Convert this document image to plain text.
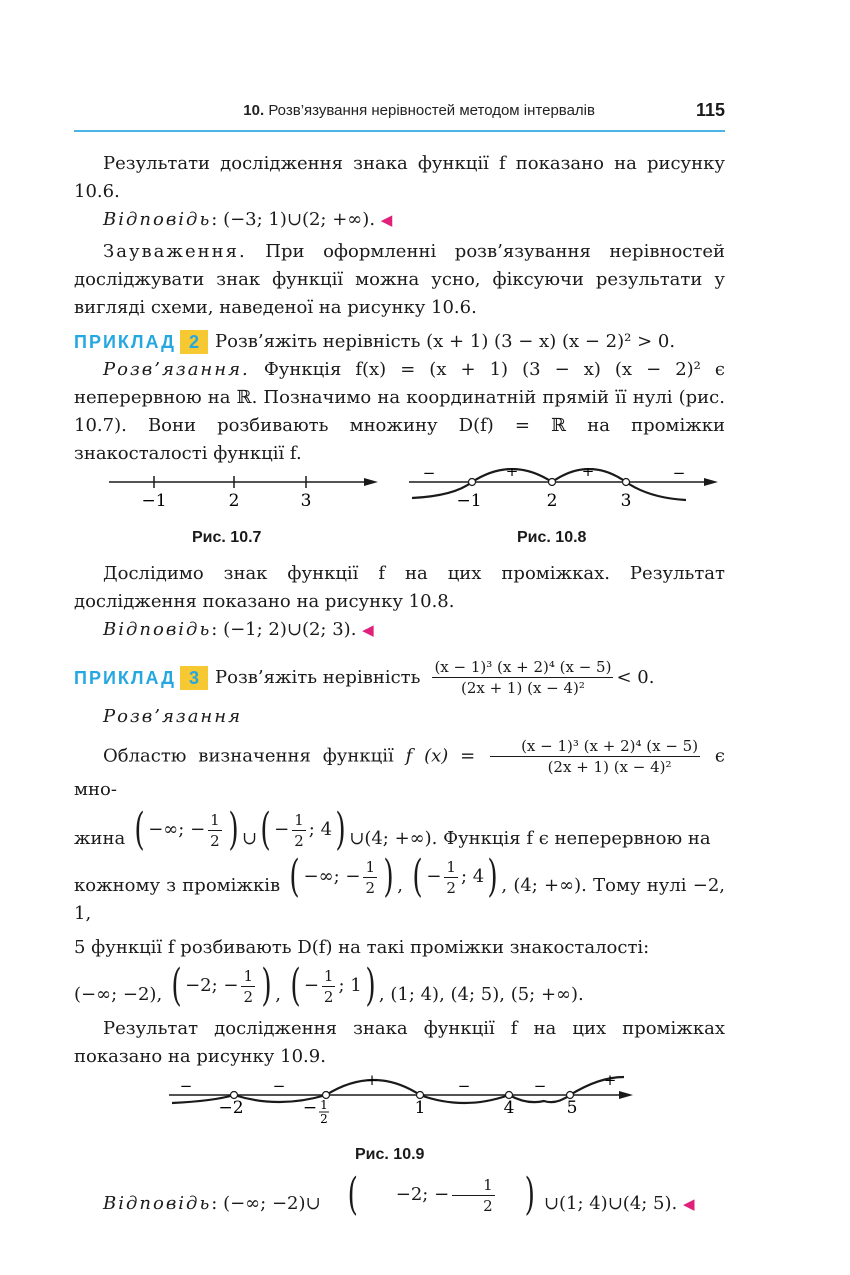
10. Розв’язування нерівностей методом інтервалів	115

Результати дослідження знака функції f показано на рисунку 10.6.

Відповідь: (−3; 1)∪(2; +∞). ◀

Зауваження. При оформленні розв’язування нерівностей досліджувати знак функції можна усно, фіксуючи результати у вигляді схеми, наведеної на рисунку 10.6.

ПРИКЛАД 2 Розв’яжіть нерівність (x + 1) (3 − x) (x − 2)² > 0.

Розв’язання. Функція f(x) = (x + 1) (3 − x) (x − 2)² є неперервною на ℝ. Позначимо на координатній прямій її нулі (рис. 10.7). Вони розбивають множину D(f) = ℝ на проміжки знакосталості функції f.

−1	2	3
−	+	+	−
−1	2	3
Рис. 10.7	Рис. 10.8

Дослідимо знак функції f на цих проміжках. Результат дослідження показано на рисунку 10.8.

Відповідь: (−1; 2)∪(2; 3). ◀

ПРИКЛАД 3 Розв’яжіть нерівність $\frac{\text{(x − 1)³ (x + 2)⁴ (x − 5)}}{\text{(2x + 1) (x − 4)²}} < 0$.

Розв’язання

Областю визначення функції f $(x) = \frac{\text{(x − 1)³ (x + 2)⁴ (x − 5)}}{\text{(2x + 1) (x − 4)²}}$ є мно-

жина ( −∞;
− $\frac{1}{2}$ ) ∪ ( − $\frac{1}{2}$ ; 4 ) ∪(4; +∞). Функція f є неперервною на

кожному з проміжків ( −∞;
− $\frac{1}{2}$ ) , ( − $\frac{1}{2}$ ; 4 ) , (4; +∞). Тому нулі −2, 1,

5 функції f розбивають D(f) на такі проміжки знакосталості:

(−∞; −2), ( −2; − $\frac{1}{2}$ ) , ( − $\frac{1}{2}$ ; 1 ) , (1; 4), (4; 5), (5; +∞).

Результат дослідження знака функції f на цих проміжках показано на рисунку 10.9.

−	−	+	−	−	+
−2	− 1
2
1	4	5
Рис. 10.9

Відповідь: (−∞; −2)∪ (	−2; − $\frac{1}{2}$ ) ∪(1; 4)∪(4; 5). ◀
